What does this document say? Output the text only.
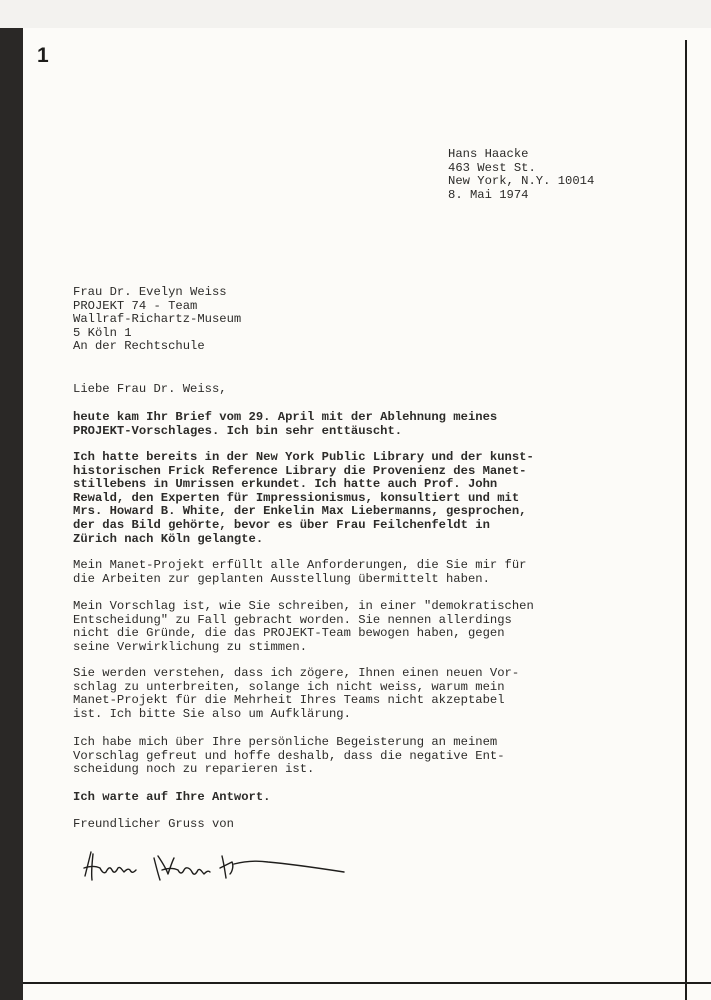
1

Hans Haacke
463 West St.
New York, N.Y. 10014
8. Mai 1974
Frau Dr. Evelyn Weiss
PROJEKT 74 - Team
Wallraf-Richartz-Museum
5 Köln 1
An der Rechtschule

Liebe Frau Dr. Weiss,

heute kam Ihr Brief vom 29. April mit der Ablehnung meines
PROJEKT-Vorschlages. Ich bin sehr enttäuscht.

Ich hatte bereits in der New York Public Library und der kunst-
historischen Frick Reference Library die Provenienz des Manet-
stillebens in Umrissen erkundet. Ich hatte auch Prof. John
Rewald, den Experten für Impressionismus, konsultiert und mit
Mrs. Howard B. White, der Enkelin Max Liebermanns, gesprochen,
der das Bild gehörte, bevor es über Frau Feilchenfeldt in
Zürich nach Köln gelangte.

Mein Manet-Projekt erfüllt alle Anforderungen, die Sie mir für
die Arbeiten zur geplanten Ausstellung übermittelt haben.

Mein Vorschlag ist, wie Sie schreiben, in einer "demokratischen
Entscheidung" zu Fall gebracht worden. Sie nennen allerdings
nicht die Gründe, die das PROJEKT-Team bewogen haben, gegen
seine Verwirklichung zu stimmen.

Sie werden verstehen, dass ich zögere, Ihnen einen neuen Vor-
schlag zu unterbreiten, solange ich nicht weiss, warum mein
Manet-Projekt für die Mehrheit Ihres Teams nicht akzeptabel
ist. Ich bitte Sie also um Aufklärung.

Ich habe mich über Ihre persönliche Begeisterung an meinem
Vorschlag gefreut und hoffe deshalb, dass die negative Ent-
scheidung noch zu reparieren ist.

Ich warte auf Ihre Antwort.

Freundlicher Gruss von
